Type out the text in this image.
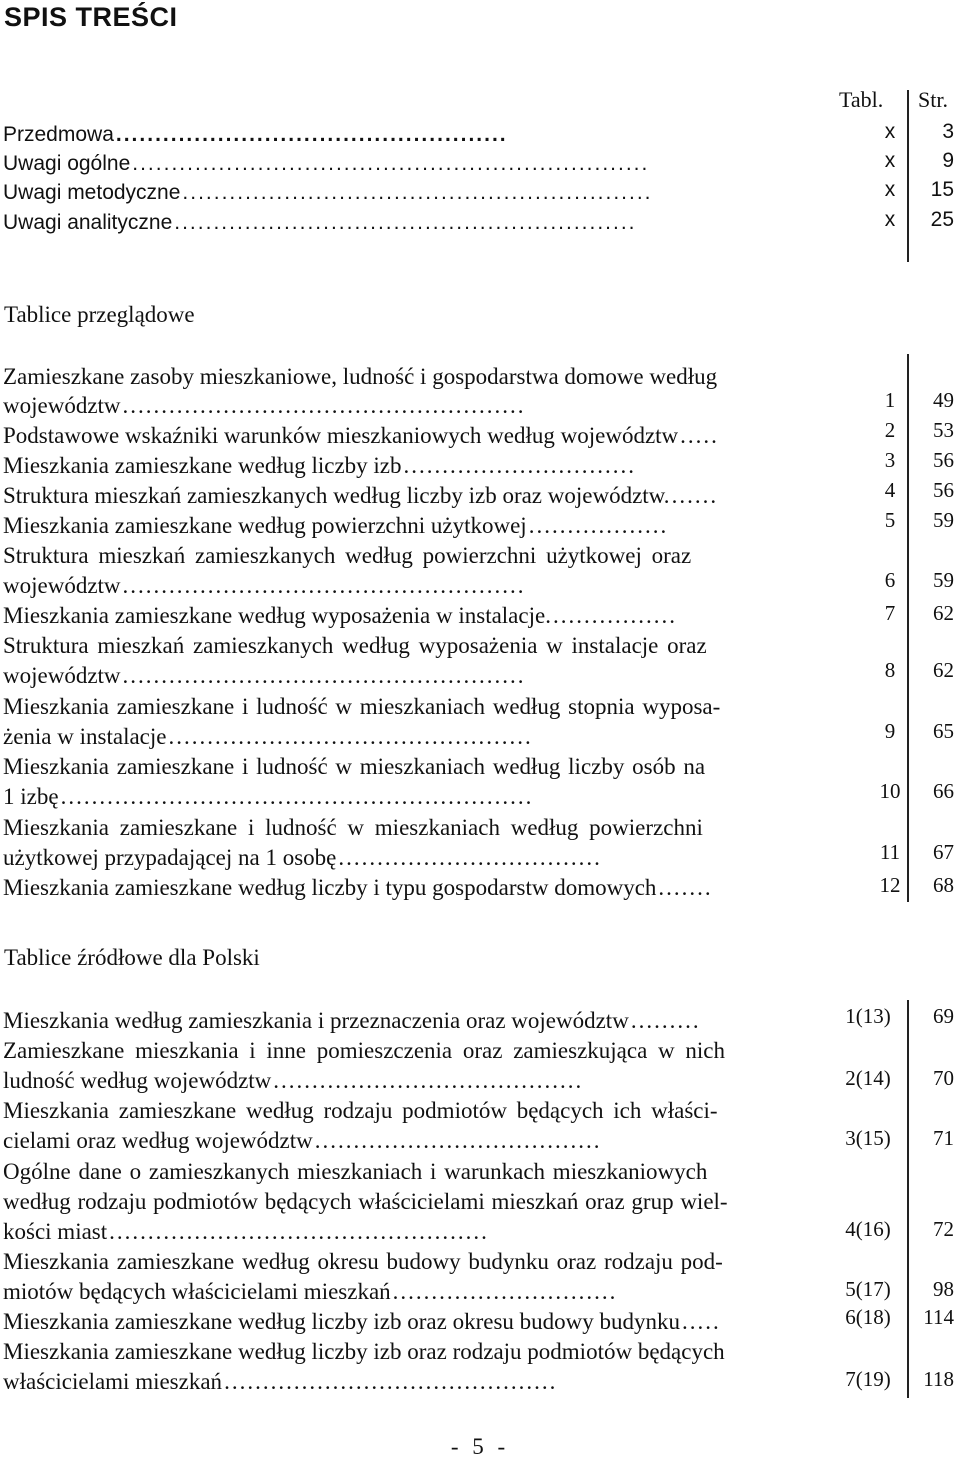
SPIS TREŚCI
Tabl. Str.
Przedmowa..................................................	x	3
Uwagi ogólne..................................................................	x	9
Uwagi metodyczne............................................................	x	15
Uwagi analityczne...........................................................	x	25
Tablice przeglądowe
Zamieszkane zasoby mieszkaniowe, ludność i gospodarstwa domowe według
województw....................................................	1	49
Podstawowe wskaźniki warunków mieszkaniowych według województw.....	2	53
Mieszkania zamieszkane według liczby izb..............................	3	56
Struktura mieszkań zamieszkanych według liczby izb oraz województw.......	4	56
Mieszkania zamieszkane według powierzchni użytkowej..................	5	59
Struktura mieszkań zamieszkanych według powierzchni użytkowej oraz
województw....................................................	6	59
Mieszkania zamieszkane według wyposażenia w instalacje.................	7	62
Struktura mieszkań zamieszkanych według wyposażenia w instalacje oraz
województw....................................................	8	62
Mieszkania zamieszkane i ludność w mieszkaniach według stopnia wyposa-
żenia w instalacje...............................................	9	65
Mieszkania zamieszkane i ludność w mieszkaniach według liczby osób na
1 izbę.............................................................	10	66
Mieszkania zamieszkane i ludność w mieszkaniach według powierzchni
użytkowej przypadającej na 1 osobę..................................	11	67
Mieszkania zamieszkane według liczby i typu gospodarstw domowych.......	12	68
Tablice źródłowe dla Polski
Mieszkania według zamieszkania i przeznaczenia oraz województw.........	1(13)	69
Zamieszkane mieszkania i inne pomieszczenia oraz zamieszkująca w nich
ludność według województw........................................	2(14)	70
Mieszkania zamieszkane według rodzaju podmiotów będących ich właści-
cielami oraz według województw.....................................	3(15)	71
Ogólne dane o zamieszkanych mieszkaniach i warunkach mieszkaniowych
według rodzaju podmiotów będących właścicielami mieszkań oraz grup wiel-
kości miast.................................................	4(16)	72
Mieszkania zamieszkane według okresu budowy budynku oraz rodzaju pod-
miotów będących właścicielami mieszkań.............................	5(17)	98
Mieszkania zamieszkane według liczby izb oraz okresu budowy budynku.....	6(18)	114
Mieszkania zamieszkane według liczby izb oraz rodzaju podmiotów będących
właścicielami mieszkań...........................................	7(19)	118
- 5 -
